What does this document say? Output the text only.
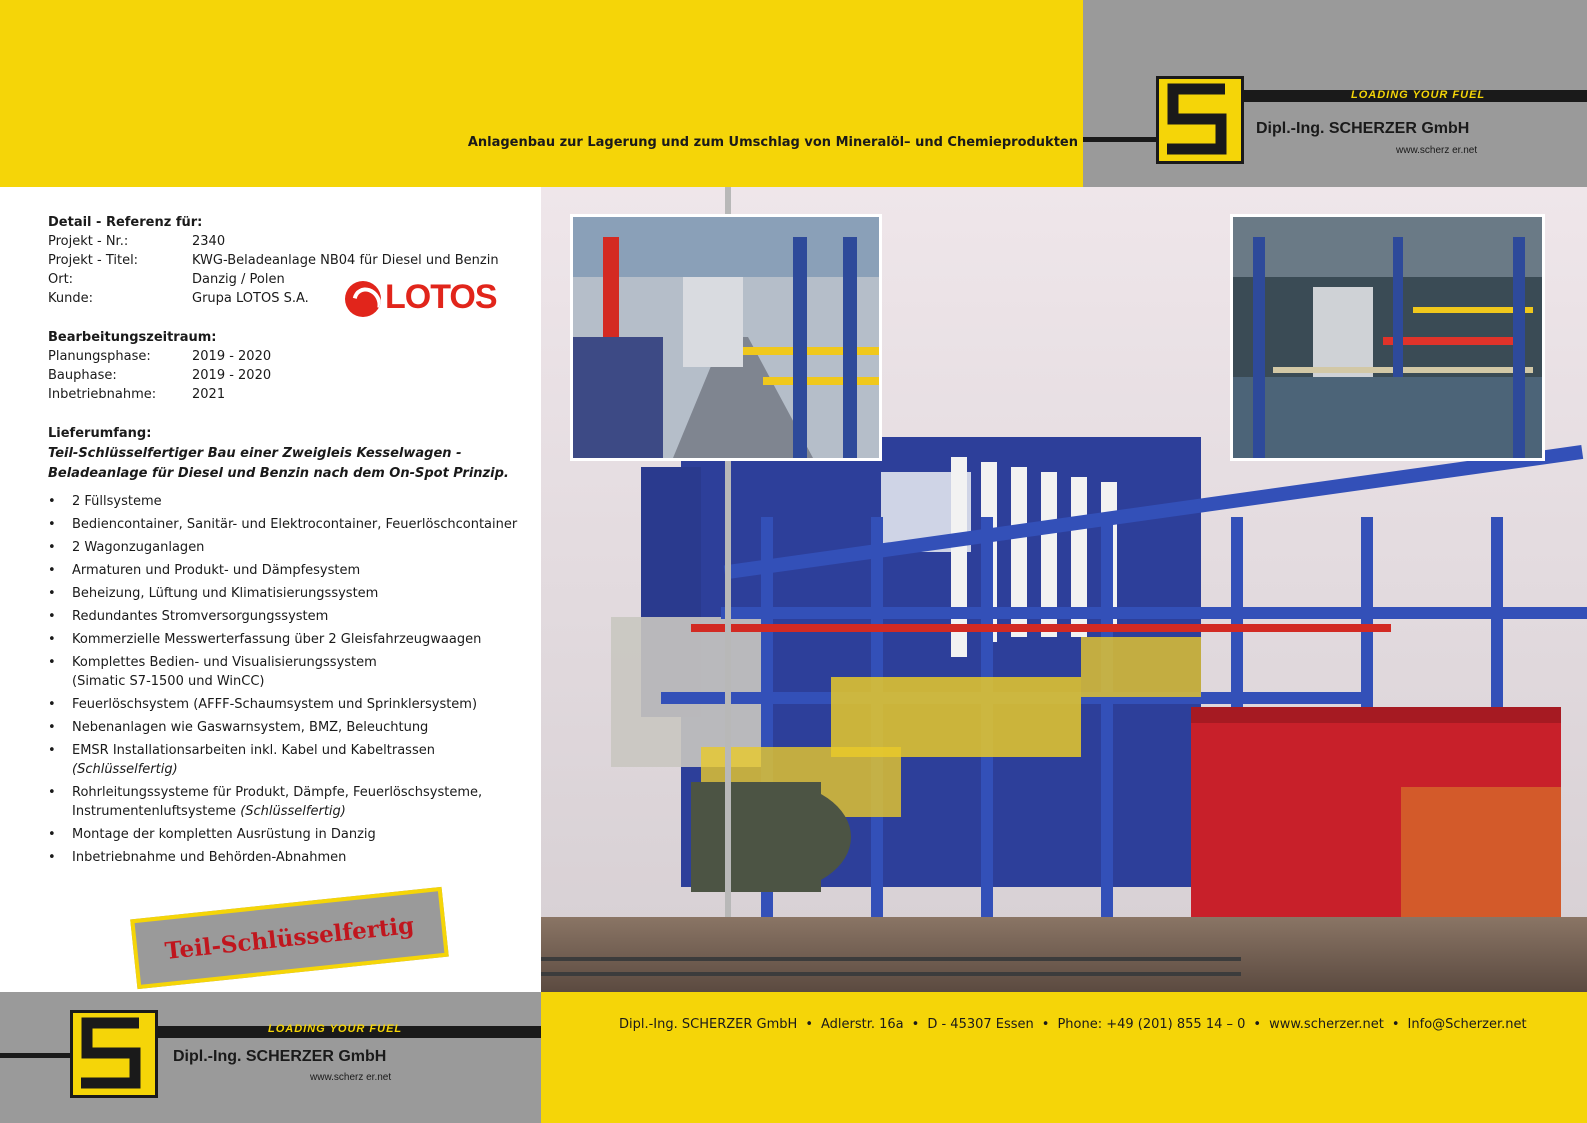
Anlagenbau zur Lagerung und zum Umschlag von Mineralöl– und Chemieprodukten
LOADING YOUR FUEL
Dipl.-Ing. SCHERZER GmbH
www.scherz er.net
Detail - Referenz für:
Projekt - Nr.:	2340
Projekt - Titel:	KWG-Beladeanlage NB04 für Diesel und Benzin
Ort:	Danzig / Polen
Kunde:	Grupa LOTOS S.A.
Bearbeitungszeitraum:
Planungsphase:	2019 - 2020
Bauphase:	2019 - 2020
Inbetriebnahme:	2021
Lieferumfang:
Teil-Schlüsselfertiger Bau einer Zweigleis Kesselwagen - Beladeanlage für Diesel und Benzin nach dem On-Spot Prinzip.
• 2 Füllsysteme
• Bediencontainer, Sanitär- und Elektrocontainer, Feuerlöschcontainer
• 2 Wagonzuganlagen
• Armaturen und Produkt- und Dämpfesystem
• Beheizung, Lüftung und Klimatisierungssystem
• Redundantes Stromversorgungssystem
• Kommerzielle Messwerterfassung über 2 Gleisfahrzeugwaagen
• Komplettes Bedien- und Visualisierungssystem (Simatic S7-1500 und WinCC)
• Feuerlöschsystem (AFFF-Schaumsystem und Sprinklersystem)
• Nebenanlagen wie Gaswarnsystem, BMZ, Beleuchtung
• EMSR Installationsarbeiten inkl. Kabel und Kabeltrassen (Schlüsselfertig)
• Rohrleitungssysteme für Produkt, Dämpfe, Feuerlöschsysteme, Instrumentenluftsysteme (Schlüsselfertig)
• Montage der kompletten Ausrüstung in Danzig
• Inbetriebnahme und Behörden-Abnahmen
LOTOS
Teil-Schlüsselfertig
LOADING YOUR FUEL
Dipl.-Ing. SCHERZER GmbH
www.scherz er.net
Dipl.-Ing. SCHERZER GmbH • Adlerstr. 16a • D - 45307 Essen • Phone: +49 (201) 855 14 – 0 • www.scherzer.net • Info@Scherzer.net
